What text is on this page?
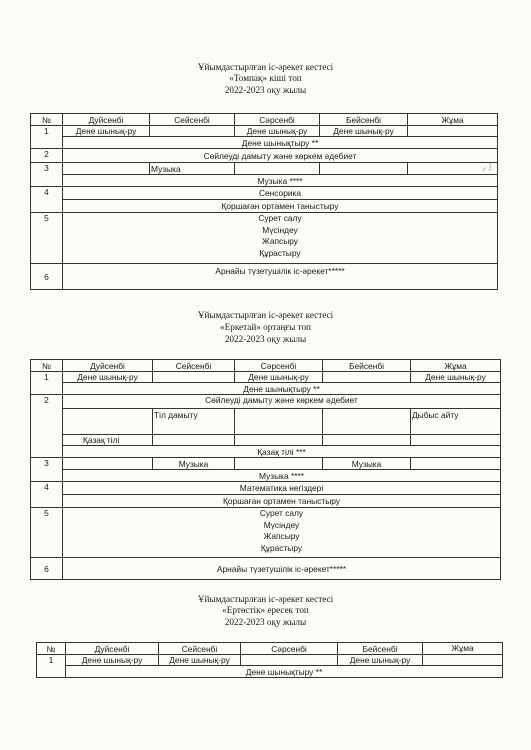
Ұйымдастырлған іс-әрекет кестесі
«Томпақ» кіші топ
2022-2023 оқу жылы
№	Дуйсенбі	Сейсенбі	Сәрсенбі	Бейсенбі	Жұма
1	Дене шынық-ру		Дене шынық-ру	Дене шынық-ру	
	Дене шынықтыру **				
2	Сөйлеуді дамыту және көркем әдебиет				
3		Музыка			
	Музыка ****				
4	Сенсорика				
	Қоршаған ортамен таныстыру				
5	Сурет салу
Мүсіндеу
Жапсыру
Құрастыру				

6	Арнайы түзетушілік іс-әрекет*****				
⸝ ⁝
Ұйымдастырлған іс-әрекет кестесі
«Еркетай» ортаңғы топ
2022-2023 оқу жылы
№	Дуйсенбі	Сейсенбі	Сәрсенбі	Бейсенбі	Жұма
1	Дене шынық-ру		Дене шынық-ру		Дене шынық-ру
	Дене шынықтыру **				
2	Сөйлеуді дамыту және көркем әдебиет				
		Тіл дамыту			Дыбыс айту
	Қазақ тілі				
	Қазақ тілі ***				
3		Музыка		Музыка	
	Музыка ****				
4	Математика негіздері				
	Қоршаған ортамен таныстыру				
5	Сурет салу
Мүсіндеу
Жапсыру
Құрастыру				

6	Арнайы түзетушілік іс-әрекет*****				
Ұйымдастырлған іс-әрекет кестесі
«Ертөстік» ересек топ
2022-2023 оқу жылы
№	Дуйсенбі	Сейсенбі	Сәрсенбі	Бейсенбі	Жұма
1	Дене шынық-ру	Дене шынық-ру		Дене шынық-ру	
	Дене шынықтыру **				
